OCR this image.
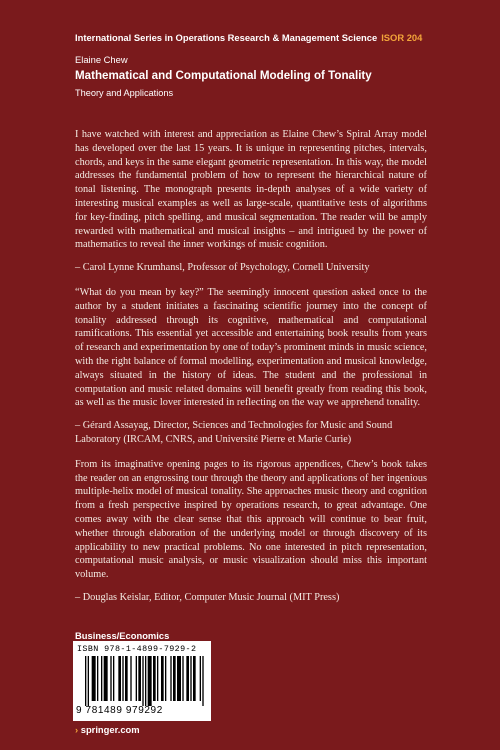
International Series in Operations Research & Management Science ISOR 204
Elaine Chew
Mathematical and Computational Modeling of Tonality
Theory and Applications

I have watched with interest and appreciation as Elaine Chew’s Spiral Array model has developed over the last 15 years. It is unique in representing pitches, intervals, chords, and keys in the same elegant geometric representation. In this way, the model addresses the fundamental problem of how to represent the hierarchical nature of tonal listening. The monograph presents in-depth analyses of a wide variety of interesting musical examples as well as large-scale, quantitative tests of algorithms for key-finding, pitch spelling, and musical segmentation. The reader will be amply rewarded with mathematical and musical insights – and intrigued by the power of mathematics to reveal the inner workings of music cognition.

– Carol Lynne Krumhansl, Professor of Psychology, Cornell University

“What do you mean by key?” The seemingly innocent question asked once to the author by a student initiates a fascinating scientific journey into the concept of tonality addressed through its cognitive, mathematical and computational ramifications. This essential yet accessible and entertaining book results from years of research and experimentation by one of today’s prominent minds in music science, with the right balance of formal modelling, experimentation and musical knowledge, always situated in the history of ideas. The student and the professional in computation and music related domains will benefit greatly from reading this book, as well as the music lover interested in reflecting on the way we apprehend tonality.

– Gérard Assayag, Director, Sciences and Technologies for Music and Sound Laboratory (IRCAM, CNRS, and Université Pierre et Marie Curie)

From its imaginative opening pages to its rigorous appendices, Chew’s book takes the reader on an engrossing tour through the theory and applications of her ingenious multiple-helix model of musical tonality. She approaches music theory and cognition from a fresh perspective inspired by operations research, to great advantage. One comes away with the clear sense that this approach will continue to bear fruit, whether through elaboration of the underlying model or through discovery of its applicability to new practical problems. No one interested in pitch representation, computational music analysis, or music visualization should miss this important volume.

– Douglas Keislar, Editor, Computer Music Journal (MIT Press)

Business/Economics
ISBN 978-1-4899-7929-2
9 781489 979292
› springer.com
